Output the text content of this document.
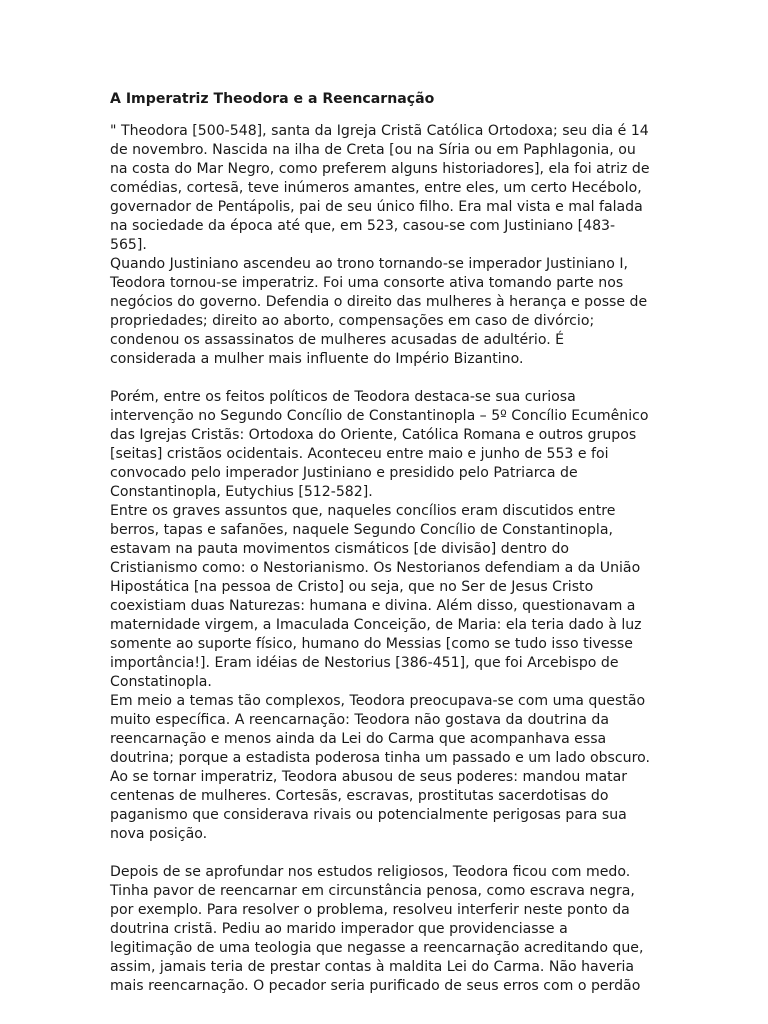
A Imperatriz Theodora e a Reencarnação
" Theodora [500-548], santa da Igreja Cristã Católica Ortodoxa; seu dia é 14
de novembro. Nascida na ilha de Creta [ou na Síria ou em Paphlagonia, ou
na costa do Mar Negro, como preferem alguns historiadores], ela foi atriz de
comédias, cortesã, teve inúmeros amantes, entre eles, um certo Hecébolo,
governador de Pentápolis, pai de seu único filho. Era mal vista e mal falada
na sociedade da época até que, em 523, casou-se com Justiniano [483-
565].
Quando Justiniano ascendeu ao trono tornando-se imperador Justiniano I,
Teodora tornou-se imperatriz. Foi uma consorte ativa tomando parte nos
negócios do governo. Defendia o direito das mulheres à herança e posse de
propriedades; direito ao aborto, compensações em caso de divórcio;
condenou os assassinatos de mulheres acusadas de adultério. É
considerada a mulher mais influente do Império Bizantino.
Porém, entre os feitos políticos de Teodora destaca-se sua curiosa
intervenção no Segundo Concílio de Constantinopla – 5º Concílio Ecumênico
das Igrejas Cristãs: Ortodoxa do Oriente, Católica Romana e outros grupos
[seitas] cristãos ocidentais. Aconteceu entre maio e junho de 553 e foi
convocado pelo imperador Justiniano e presidido pelo Patriarca de
Constantinopla, Eutychius [512-582].
Entre os graves assuntos que, naqueles concílios eram discutidos entre
berros, tapas e safanões, naquele Segundo Concílio de Constantinopla,
estavam na pauta movimentos cismáticos [de divisão] dentro do
Cristianismo como: o Nestorianismo. Os Nestorianos defendiam a da União
Hipostática [na pessoa de Cristo] ou seja, que no Ser de Jesus Cristo
coexistiam duas Naturezas: humana e divina. Além disso, questionavam a
maternidade virgem, a Imaculada Conceição, de Maria: ela teria dado à luz
somente ao suporte físico, humano do Messias [como se tudo isso tivesse
importância!]. Eram idéias de Nestorius [386-451], que foi Arcebispo de
Constatinopla.
Em meio a temas tão complexos, Teodora preocupava-se com uma questão
muito específica. A reencarnação: Teodora não gostava da doutrina da
reencarnação e menos ainda da Lei do Carma que acompanhava essa
doutrina; porque a estadista poderosa tinha um passado e um lado obscuro.
Ao se tornar imperatriz, Teodora abusou de seus poderes: mandou matar
centenas de mulheres. Cortesãs, escravas, prostitutas sacerdotisas do
paganismo que considerava rivais ou potencialmente perigosas para sua
nova posição.
Depois de se aprofundar nos estudos religiosos, Teodora ficou com medo.
Tinha pavor de reencarnar em circunstância penosa, como escrava negra,
por exemplo. Para resolver o problema, resolveu interferir neste ponto da
doutrina cristã. Pediu ao marido imperador que providenciasse a
legitimação de uma teologia que negasse a reencarnação acreditando que,
assim, jamais teria de prestar contas à maldita Lei do Carma. Não haveria
mais reencarnação. O pecador seria purificado de seus erros com o perdão
